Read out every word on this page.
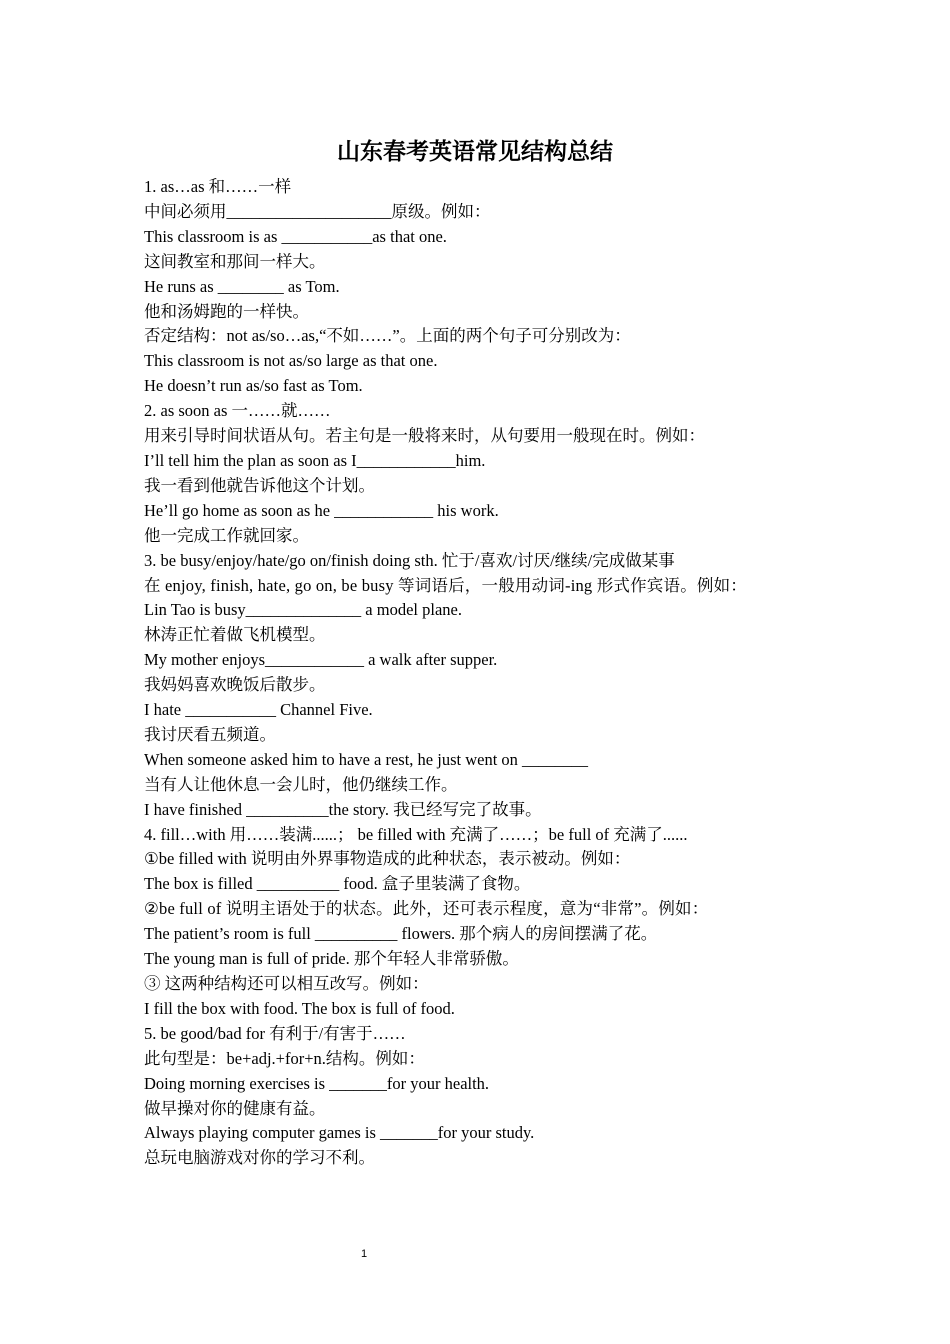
山东春考英语常见结构总结

1. as…as 和……一样

中间必须用____________________原级。例如：

This classroom is as ___________as that one.

这间教室和那间一样大。

He runs as ________ as Tom.

他和汤姆跑的一样快。

否定结构：not as/so…as,“不如……”。上面的两个句子可分别改为：

This classroom is not as/so large as that one.

He doesn’t run as/so fast as Tom.

2. as soon as 一……就……

用来引导时间状语从句。若主句是一般将来时，从句要用一般现在时。例如：

I’ll tell him the plan as soon as I____________him.

我一看到他就告诉他这个计划。

He’ll go home as soon as he ____________ his work.

他一完成工作就回家。

3. be busy/enjoy/hate/go on/finish doing sth. 忙于/喜欢/讨厌/继续/完成做某事

在 enjoy, finish, hate, go on, be busy 等词语后，一般用动词-ing 形式作宾语。例如：

Lin Tao is busy______________ a model plane.

林涛正忙着做飞机模型。

My mother enjoys____________ a walk after supper.

我妈妈喜欢晚饭后散步。

I hate ___________ Channel Five.

我讨厌看五频道。

When someone asked him to have a rest, he just went on ________

当有人让他休息一会儿时，他仍继续工作。

I have finished __________the story. 我已经写完了故事。

4. fill…with 用……装满......； be filled with 充满了……；be full of 充满了......

①be filled with 说明由外界事物造成的此种状态，表示被动。例如：

The box is filled __________ food. 盒子里装满了食物。

②be full of 说明主语处于的状态。此外，还可表示程度，意为“非常”。例如：

The patient’s room is full __________ flowers. 那个病人的房间摆满了花。

The young man is full of pride. 那个年轻人非常骄傲。

③ 这两种结构还可以相互改写。例如：

I fill the box with food. The box is full of food.

5. be good/bad for 有利于/有害于……

此句型是：be+adj.+for+n.结构。例如：

Doing morning exercises is _______for your health.

做早操对你的健康有益。

Always playing computer games is _______for your study.

总玩电脑游戏对你的学习不利。

1
